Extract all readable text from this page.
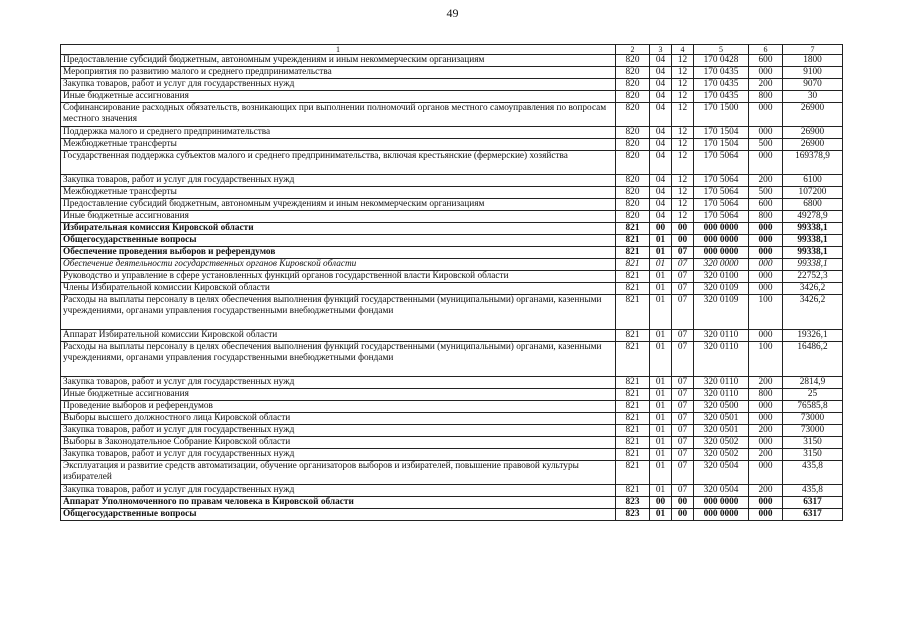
49
1	2	3	4	5	6	7
Предоставление субсидий бюджетным, автономным учреждениям и иным некоммерческим организациям	820	04	12	170 0428	600	1800
Мероприятия по развитию малого и среднего предпринимательства	820	04	12	170 0435	000	9100
Закупка товаров, работ и услуг для государственных нужд	820	04	12	170 0435	200	9070
Иные бюджетные ассигнования	820	04	12	170 0435	800	30
Софинансирование расходных обязательств, возникающих при выполнении полномочий органов местного самоуправления по вопросам местного значения	820	04	12	170 1500	000	26900
Поддержка малого и среднего предпринимательства	820	04	12	170 1504	000	26900
Межбюджетные трансферты	820	04	12	170 1504	500	26900
Государственная поддержка субъектов малого и среднего предпринимательства, включая крестьянские (фермерские) хозяйства	820	04	12	170 5064	000	169378,9
Закупка товаров, работ и услуг для государственных нужд	820	04	12	170 5064	200	6100
Межбюджетные трансферты	820	04	12	170 5064	500	107200
Предоставление субсидий бюджетным, автономным учреждениям и иным некоммерческим организациям	820	04	12	170 5064	600	6800
Иные бюджетные ассигнования	820	04	12	170 5064	800	49278,9
Избирательная комиссия Кировской области	821	00	00	000 0000	000	99338,1
Общегосударственные вопросы	821	01	00	000 0000	000	99338,1
Обеспечение проведения выборов и референдумов	821	01	07	000 0000	000	99338,1
Обеспечение деятельности государственных органов Кировской области	821	01	07	320 0000	000	99338,1
Руководство и управление в сфере установленных функций органов государственной власти Кировской области	821	01	07	320 0100	000	22752,3
Члены Избирательной комиссии Кировской области	821	01	07	320 0109	000	3426,2
Расходы на выплаты персоналу в целях обеспечения выполнения функций государственными (муниципальными) органами, казенными учреждениями, органами управления государственными внебюджетными фондами	821	01	07	320 0109	100	3426,2
Аппарат Избирательной комиссии Кировской области	821	01	07	320 0110	000	19326,1
Расходы на выплаты персоналу в целях обеспечения выполнения функций государственными (муниципальными) органами, казенными учреждениями, органами управления государственными внебюджетными фондами	821	01	07	320 0110	100	16486,2
Закупка товаров, работ и услуг для государственных нужд	821	01	07	320 0110	200	2814,9
Иные бюджетные ассигнования	821	01	07	320 0110	800	25
Проведение выборов и референдумов	821	01	07	320 0500	000	76585,8
Выборы высшего должностного лица Кировской области	821	01	07	320 0501	000	73000
Закупка товаров, работ и услуг для государственных нужд	821	01	07	320 0501	200	73000
Выборы в Законодательное Собрание Кировской области	821	01	07	320 0502	000	3150
Закупка товаров, работ и услуг для государственных нужд	821	01	07	320 0502	200	3150
Эксплуатация и развитие средств автоматизации, обучение организаторов выборов и избирателей, повышение правовой культуры избирателей	821	01	07	320 0504	000	435,8
Закупка товаров, работ и услуг для государственных нужд	821	01	07	320 0504	200	435,8
Аппарат Уполномоченного по правам человека в Кировской области	823	00	00	000 0000	000	6317
Общегосударственные вопросы	823	01	00	000 0000	000	6317
